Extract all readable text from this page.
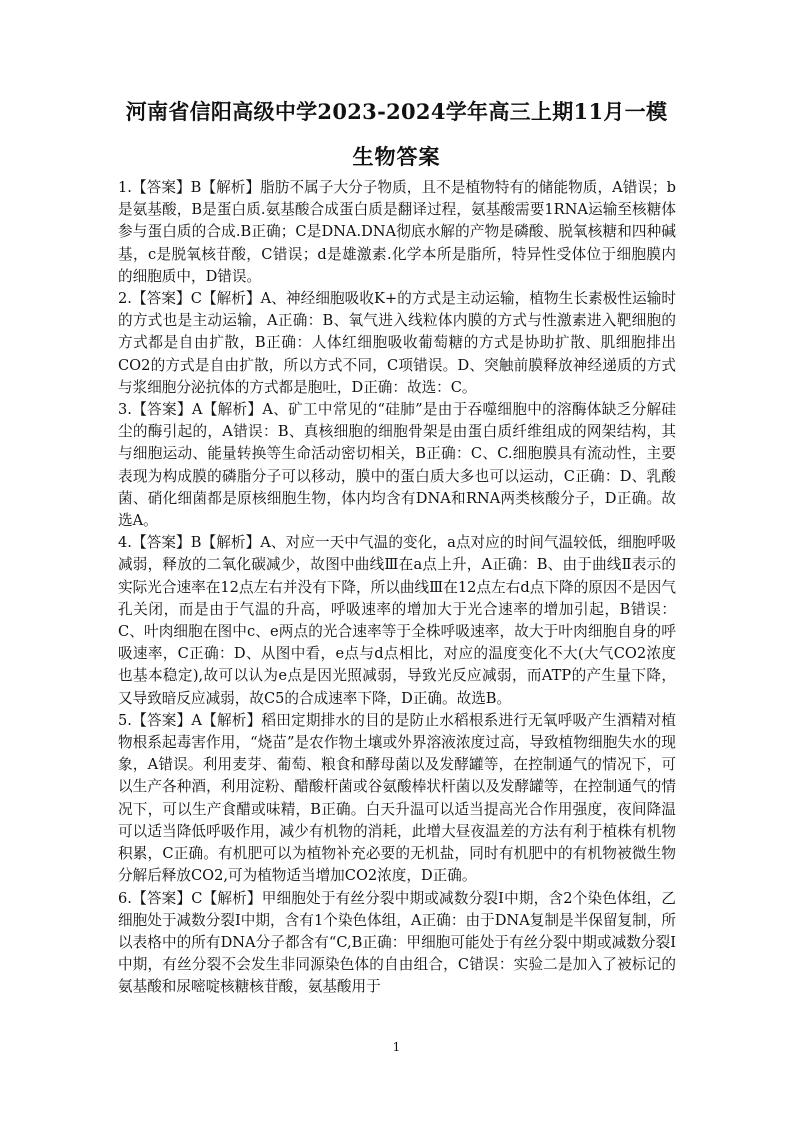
河南省信阳高级中学2023-2024学年高三上期11月一模
生物答案

1.【答案】B【解析】脂肪不属子大分子物质，且不是植物特有的储能物质，A错误；b是氨基酸，B是蛋白质.氨基酸合成蛋白质是翻译过程，氨基酸需要1RNA运输至核糖体参与蛋白质的合成.B正确；C是DNA.DNA彻底水解的产物是磷酸、脱氧核糖和四种碱基，c是脱氧核苷酸，C错误；d是雄激素.化学本所是脂所，特异性受体位于细胞膜内的细胞质中，D错误。

2.【答案】C【解析】A、神经细胞吸收K+的方式是主动运输，植物生长素极性运输时的方式也是主动运输，A正确：B、氧气进入线粒体内膜的方式与性激素进入靶细胞的方式都是自由扩散，B正确：人体红细胞吸收葡萄糖的方式是协助扩散、肌细胞排出CO2的方式是自由扩散，所以方式不同，C项错误。D、突触前膜释放神经递质的方式与浆细胞分泌抗体的方式都是胞吐，D正确：故选：C。

3.【答案】A【解析】A、矿工中常见的“硅肺”是由于吞噬细胞中的溶酶体缺乏分解硅尘的酶引起的，A错误：B、真核细胞的细胞骨架是由蛋白质纤维组成的网架结构，其与细胞运动、能量转换等生命活动密切相关，B正确：C、C.细胞膜具有流动性，主要表现为构成膜的磷脂分子可以移动，膜中的蛋白质大多也可以运动，C正确：D、乳酸菌、硝化细菌都是原核细胞生物，体内均含有DNA和RNA两类核酸分子，D正确。故选A。

4.【答案】B【解析】A、对应一天中气温的变化，a点对应的时间气温较低，细胞呼吸减弱，释放的二氧化碳减少，故图中曲线Ⅲ在a点上升，A正确：B、由于曲线Ⅱ表示的实际光合速率在12点左右并没有下降，所以曲线Ⅲ在12点左右d点下降的原因不是因气孔关闭，而是由于气温的升高，呼吸速率的增加大于光合速率的增加引起，B错误：C、叶肉细胞在图中c、e两点的光合速率等于全株呼吸速率，故大于叶肉细胞自身的呼吸速率，C正确：D、从图中看，e点与d点相比，对应的温度变化不大(大气CO2浓度也基本稳定),故可以认为e点是因光照减弱，导致光反应减弱，而ATP的产生量下降，又导致暗反应减弱，故C5的合成速率下降，D正确。故选B。

5.【答案】A【解析】稻田定期排水的目的是防止水稻根系进行无氧呼吸产生酒精对植物根系起毒害作用，“烧苗”是农作物土壤或外界溶液浓度过高，导致植物细胞失水的现象，A错误。利用麦芽、葡萄、粮食和酵母菌以及发酵罐等，在控制通气的情况下，可以生产各种酒，利用淀粉、醋酸杆菌或谷氨酸棒状杆菌以及发酵罐等，在控制通气的情况下，可以生产食醋或味精，B正确。白天升温可以适当提高光合作用强度，夜间降温可以适当降低呼吸作用，减少有机物的消耗，此增大昼夜温差的方法有利于植株有机物积累，C正确。有机肥可以为植物补充必要的无机盐，同时有机肥中的有机物被微生物分解后释放CO2,可为植物适当增加CO2浓度，D正确。

6.【答案】C【解析】甲细胞处于有丝分裂中期或减数分裂I中期，含2个染色体组，乙细胞处于减数分裂I中期，含有1个染色体组，A正确：由于DNA复制是半保留复制，所以表格中的所有DNA分子都含有“C,B正确：甲细胞可能处于有丝分裂中期或减数分裂I中期，有丝分裂不会发生非同源染色体的自由组合，C错误：实验二是加入了被标记的氨基酸和尿嘧啶核糖核苷酸，氨基酸用于

1
